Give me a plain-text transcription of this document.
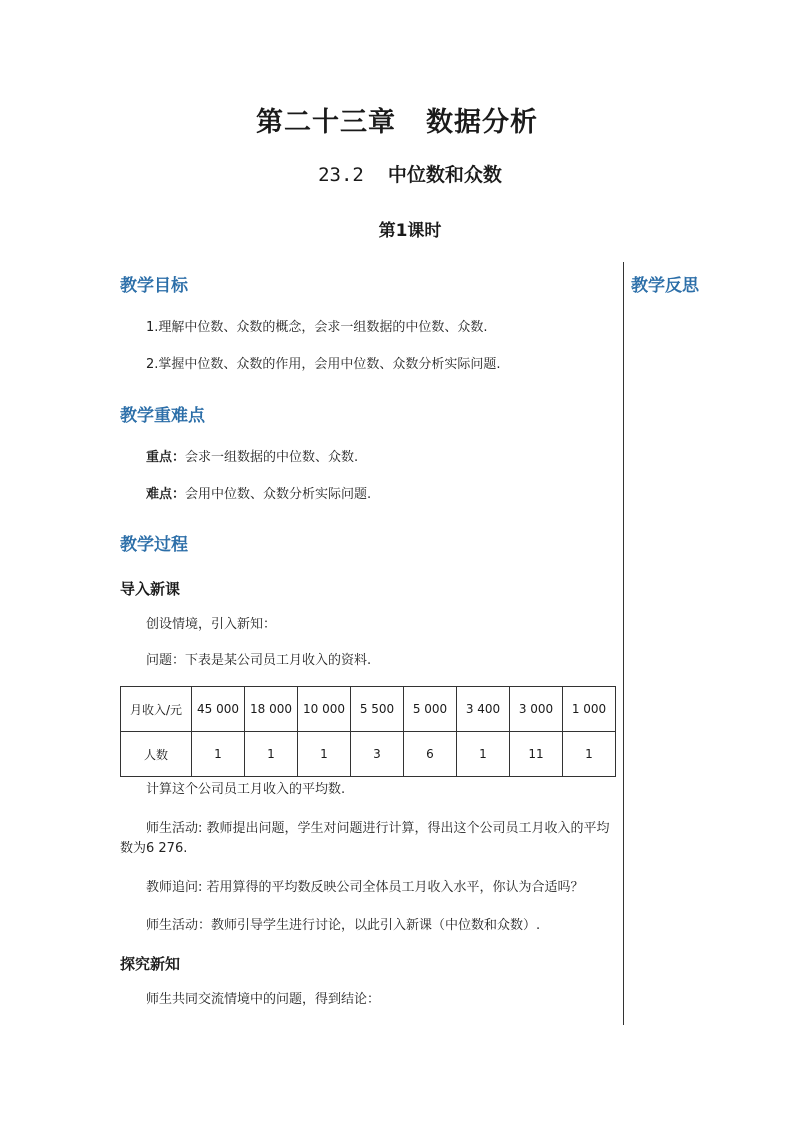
第二十三章 数据分析
23.2 中位数和众数
第1课时
教学反思
教学目标
1.理解中位数、众数的概念，会求一组数据的中位数、众数.
2.掌握中位数、众数的作用，会用中位数、众数分析实际问题.
教学重难点
重点：会求一组数据的中位数、众数.
难点：会用中位数、众数分析实际问题.
教学过程
导入新课
创设情境，引入新知：
问题：下表是某公司员工月收入的资料.
月收入/元	45 000	18 000	10 000	5 500	5 000	3 400	3 000	1 000
人数	1	1	1	3	6	1	11	1
计算这个公司员工月收入的平均数.
师生活动: 教师提出问题，学生对问题进行计算，得出这个公司员工月收入的平均数为6 276.
教师追问: 若用算得的平均数反映公司全体员工月收入水平，你认为合适吗？
师生活动：教师引导学生进行讨论，以此引入新课（中位数和众数）.
探究新知
师生共同交流情境中的问题，得到结论：
